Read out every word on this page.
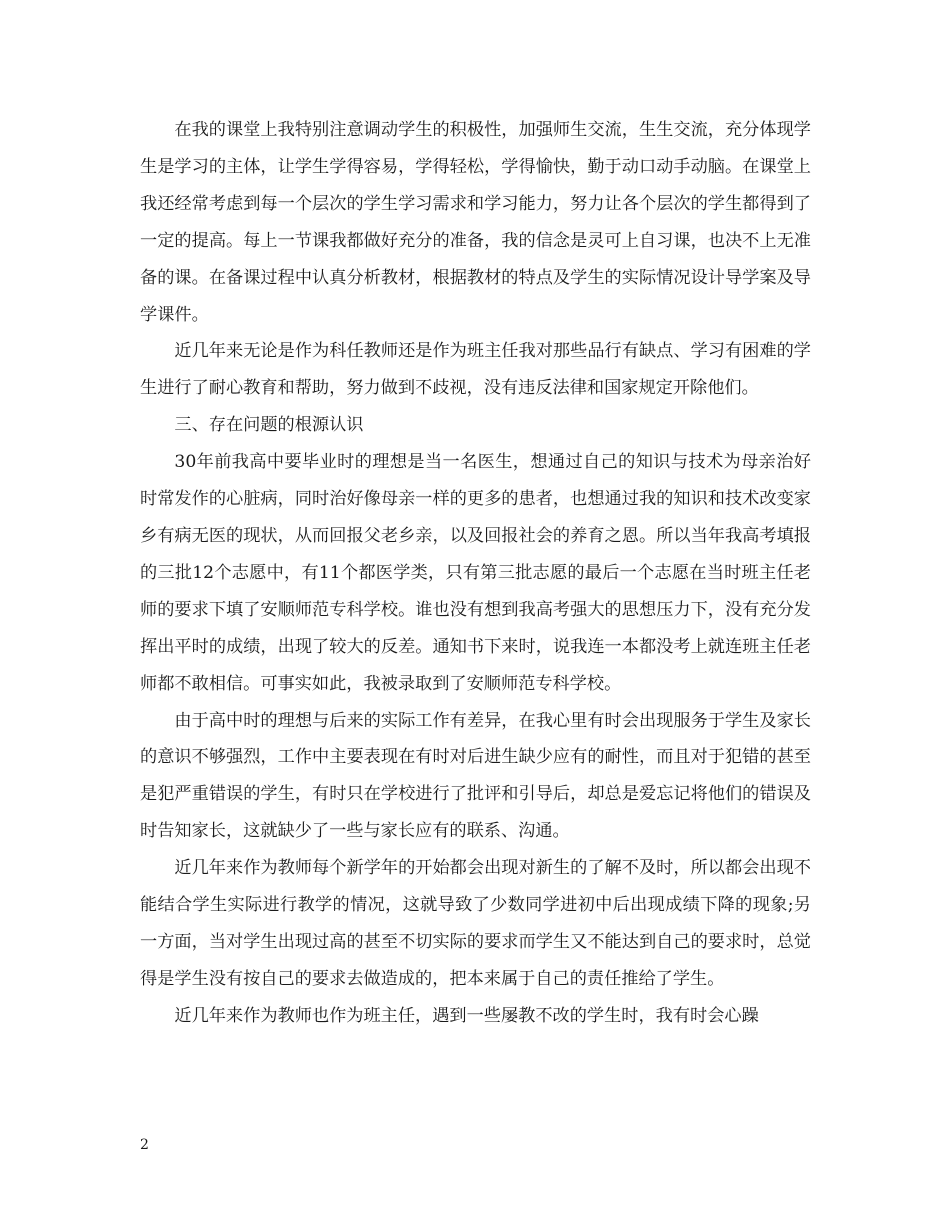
在我的课堂上我特别注意调动学生的积极性，加强师生交流，生生交流，充分体现学生是学习的主体，让学生学得容易，学得轻松，学得愉快，勤于动口动手动脑。在课堂上我还经常考虑到每一个层次的学生学习需求和学习能力，努力让各个层次的学生都得到了一定的提高。每上一节课我都做好充分的准备，我的信念是灵可上自习课，也决不上无准备的课。在备课过程中认真分析教材，根据教材的特点及学生的实际情况设计导学案及导学课件。

近几年来无论是作为科任教师还是作为班主任我对那些品行有缺点、学习有困难的学生进行了耐心教育和帮助，努力做到不歧视，没有违反法律和国家规定开除他们。

三、存在问题的根源认识

30年前我高中要毕业时的理想是当一名医生，想通过自己的知识与技术为母亲治好时常发作的心脏病，同时治好像母亲一样的更多的患者，也想通过我的知识和技术改变家乡有病无医的现状，从而回报父老乡亲，以及回报社会的养育之恩。所以当年我高考填报的三批12个志愿中，有11个都医学类，只有第三批志愿的最后一个志愿在当时班主任老师的要求下填了安顺师范专科学校。谁也没有想到我高考强大的思想压力下，没有充分发挥出平时的成绩，出现了较大的反差。通知书下来时，说我连一本都没考上就连班主任老师都不敢相信。可事实如此，我被录取到了安顺师范专科学校。

由于高中时的理想与后来的实际工作有差异，在我心里有时会出现服务于学生及家长的意识不够强烈，工作中主要表现在有时对后进生缺少应有的耐性，而且对于犯错的甚至是犯严重错误的学生，有时只在学校进行了批评和引导后，却总是爱忘记将他们的错误及时告知家长，这就缺少了一些与家长应有的联系、沟通。

近几年来作为教师每个新学年的开始都会出现对新生的了解不及时，所以都会出现不能结合学生实际进行教学的情况，这就导致了少数同学进初中后出现成绩下降的现象;另一方面，当对学生出现过高的甚至不切实际的要求而学生又不能达到自己的要求时，总觉得是学生没有按自己的要求去做造成的，把本来属于自己的责任推给了学生。

近几年来作为教师也作为班主任，遇到一些屡教不改的学生时，我有时会心躁

2
